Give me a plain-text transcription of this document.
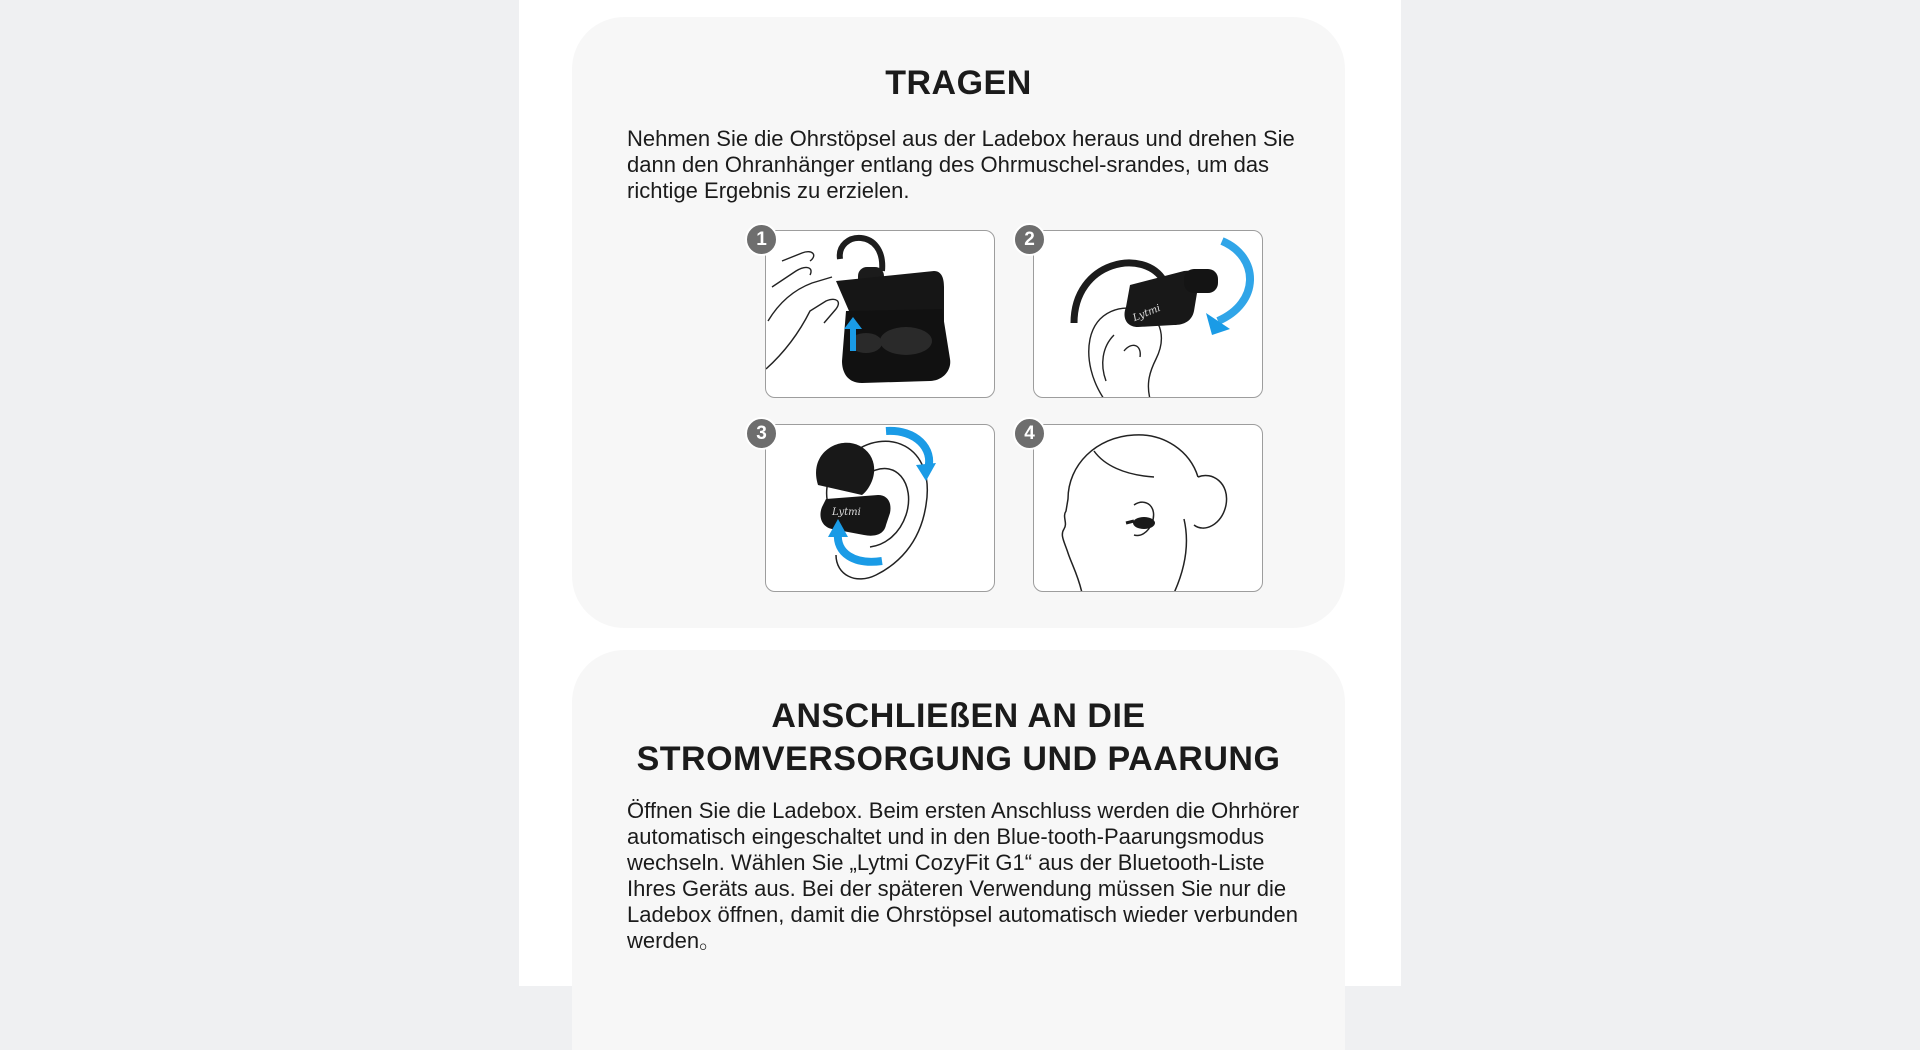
TRAGEN

Nehmen Sie die Ohrstöpsel aus der Ladebox heraus und drehen Sie dann den Ohranhänger entlang des Ohrmuschel-srandes, um das richtige Ergebnis zu erzielen.

1
Lytmi
2
Lytmi
3	4
ANSCHLIEßEN AN DIE
STROMVERSORGUNG UND PAARUNG

Öffnen Sie die Ladebox. Beim ersten Anschluss werden die Ohrhörer automatisch eingeschaltet und in den Blue-tooth-Paarungsmodus wechseln. Wählen Sie „Lytmi CozyFit G1“ aus der Bluetooth-Liste Ihres Geräts aus. Bei der späteren Verwendung müssen Sie nur die Ladebox öffnen, damit die Ohrstöpsel automatisch wieder verbunden werden。
